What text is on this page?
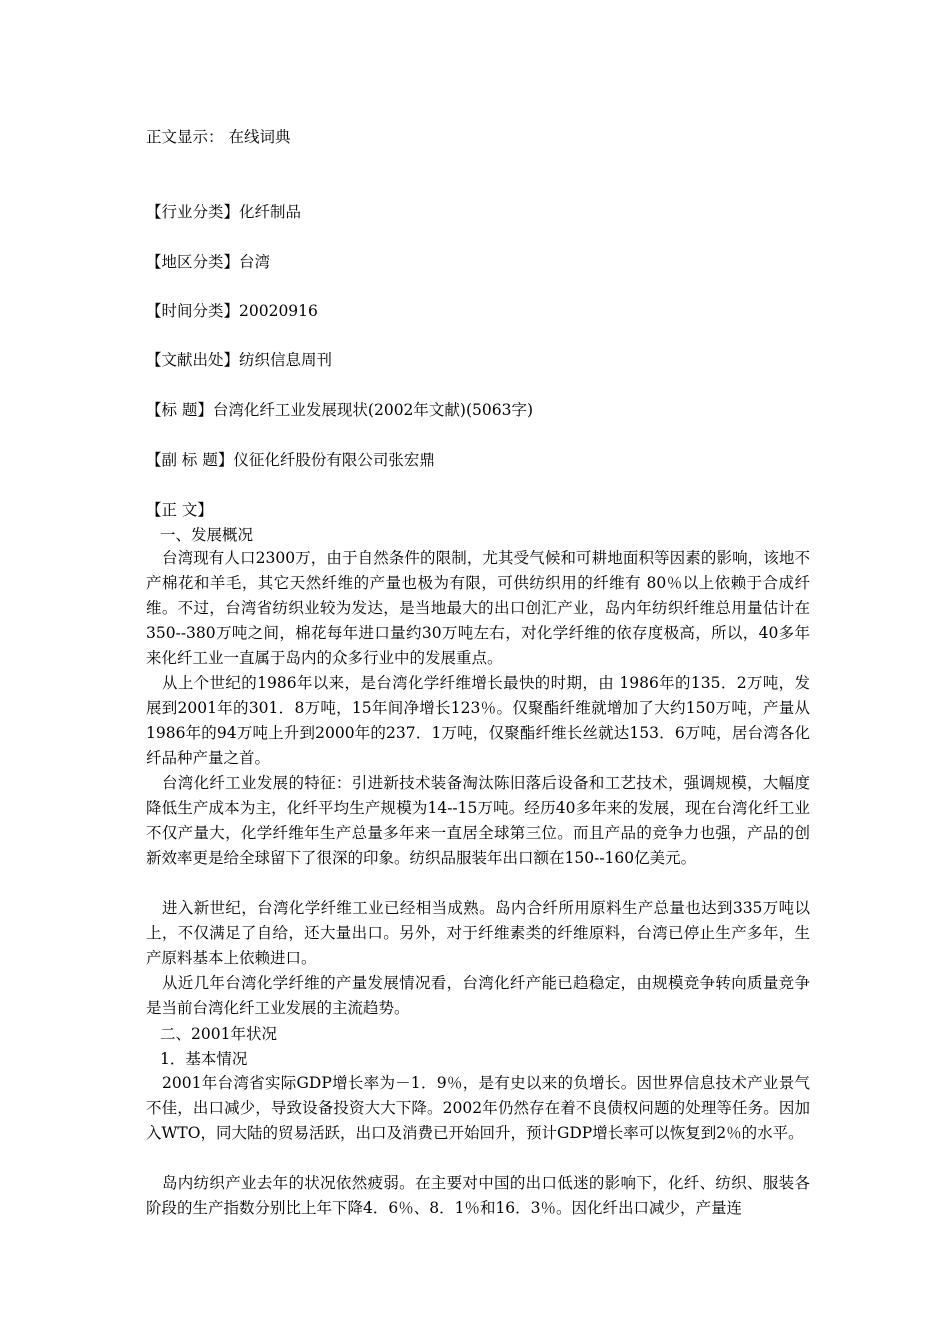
正文显示： 在线词典
【行业分类】化纤制品
【地区分类】台湾
【时间分类】20020916
【文献出处】纺织信息周刊
【标 题】台湾化纤工业发展现状(2002年文献)(5063字)
【副 标 题】仪征化纤股份有限公司张宏鼎
【正 文】
一、发展概况
台湾现有人口2300万，由于自然条件的限制，尤其受气候和可耕地面积等因素的影响，该地不产棉花和羊毛，其它天然纤维的产量也极为有限，可供纺织用的纤维有 80％以上依赖于合成纤维。不过，台湾省纺织业较为发达，是当地最大的出口创汇产业，岛内年纺织纤维总用量估计在350--380万吨之间，棉花每年进口量约30万吨左右，对化学纤维的依存度极高，所以，40多年来化纤工业一直属于岛内的众多行业中的发展重点。
从上个世纪的1986年以来，是台湾化学纤维增长最快的时期，由 1986年的135．2万吨，发展到2001年的301．8万吨，15年间净增长123％。仅聚酯纤维就增加了大约150万吨，产量从1986年的94万吨上升到2000年的237．1万吨，仅聚酯纤维长丝就达153．6万吨，居台湾各化纤品种产量之首。
台湾化纤工业发展的特征：引进新技术装备淘汰陈旧落后设备和工艺技术，强调规模，大幅度降低生产成本为主，化纤平均生产规模为14--15万吨。经历40多年来的发展，现在台湾化纤工业不仅产量大，化学纤维年生产总量多年来一直居全球第三位。而且产品的竞争力也强，产品的创新效率更是给全球留下了很深的印象。纺织品服装年出口额在150--160亿美元。
进入新世纪，台湾化学纤维工业已经相当成熟。岛内合纤所用原料生产总量也达到335万吨以上，不仅满足了自给，还大量出口。另外，对于纤维素类的纤维原料，台湾已停止生产多年，生产原料基本上依赖进口。
从近几年台湾化学纤维的产量发展情况看，台湾化纤产能已趋稳定，由规模竞争转向质量竞争是当前台湾化纤工业发展的主流趋势。
二、2001年状况
1．基本情况
2001年台湾省实际GDP增长率为－1．9％，是有史以来的负增长。因世界信息技术产业景气不佳，出口减少，导致设备投资大大下降。2002年仍然存在着不良债权问题的处理等任务。因加入WTO，同大陆的贸易活跃，出口及消费已开始回升，预计GDP增长率可以恢复到2％的水平。
岛内纺织产业去年的状况依然疲弱。在主要对中国的出口低迷的影响下，化纤、纺织、服装各阶段的生产指数分别比上年下降4．6％、8．1％和16．3％。因化纤出口减少，产量连
